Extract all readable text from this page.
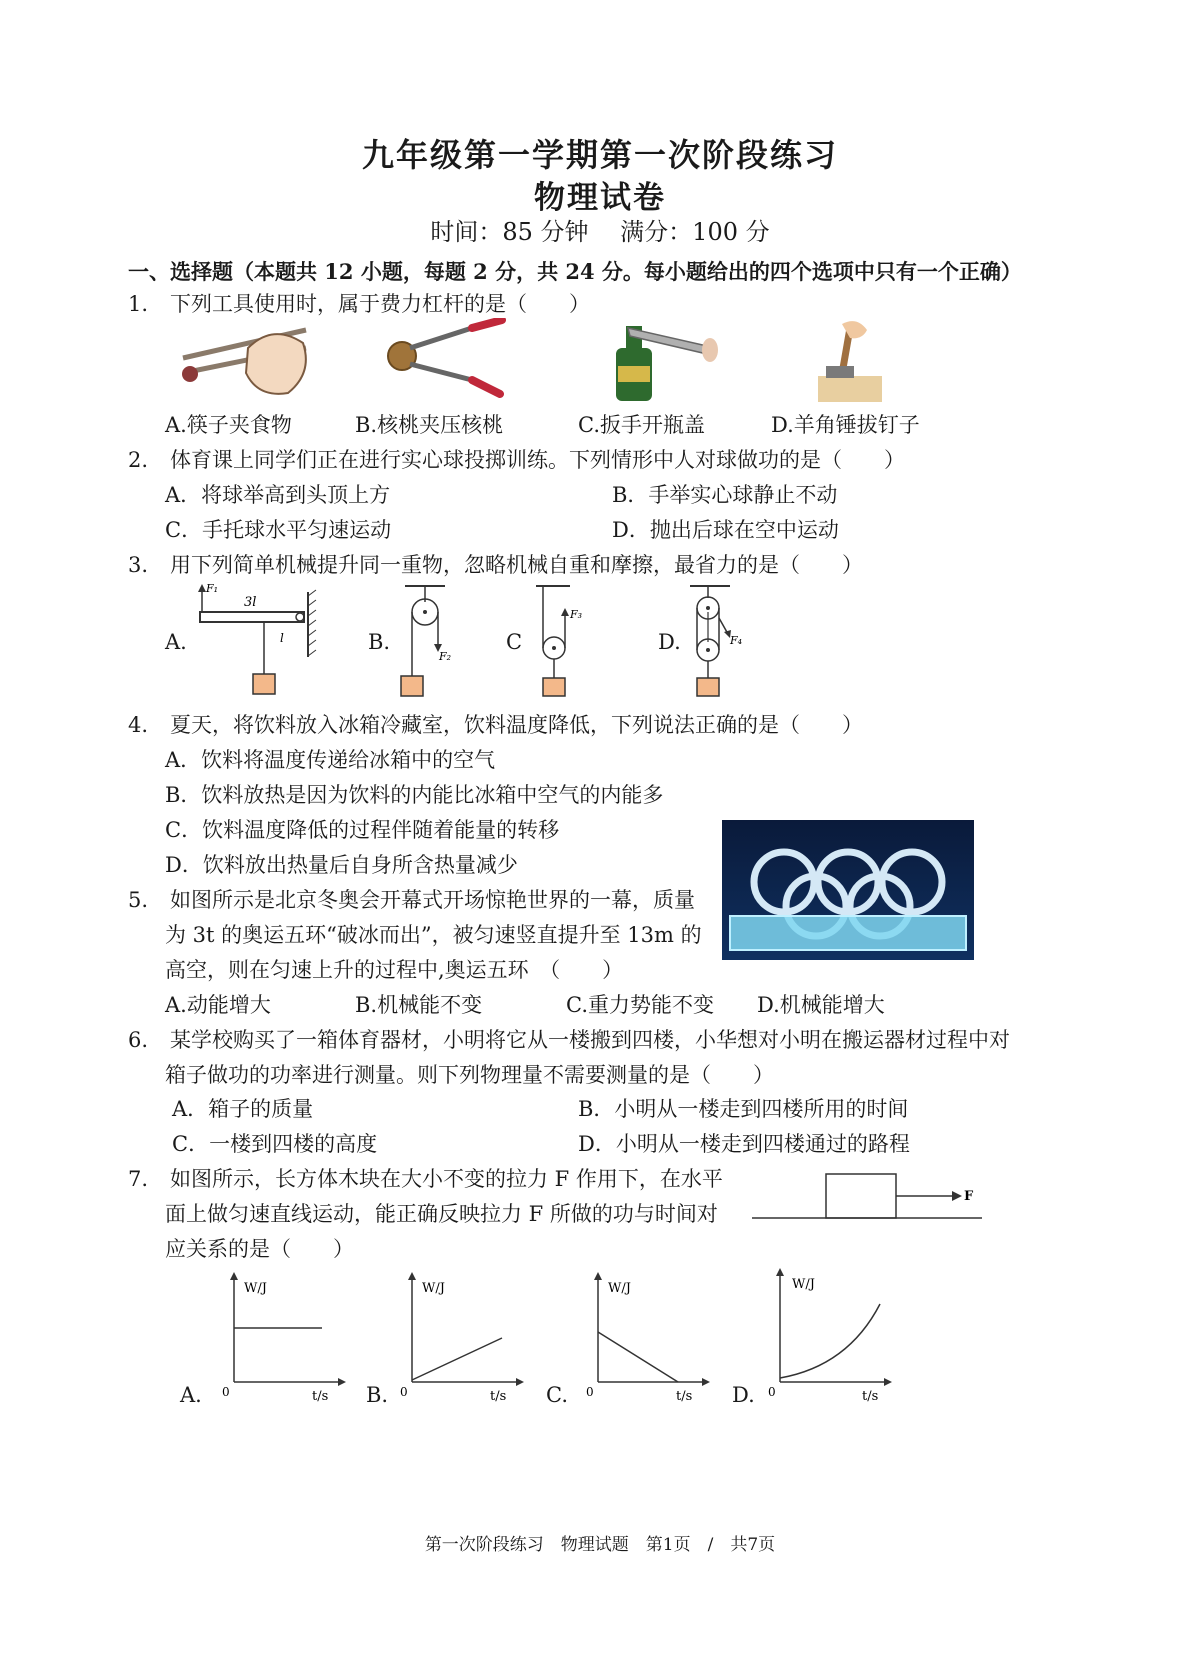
九年级第一学期第一次阶段练习
物理试卷
时间：85 分钟　 满分：100 分
一、选择题（本题共 12 小题，每题 2 分，共 24 分。每小题给出的四个选项中只有一个正确）
1. 下列工具使用时，属于费力杠杆的是（　　）
A.筷子夹食物	B.核桃夹压核桃	C.扳手开瓶盖	D.羊角锤拔钉子
2. 体育课上同学们正在进行实心球投掷训练。下列情形中人对球做功的是（　　）
A．将球举高到头顶上方	B．手举实心球静止不动
C．手托球水平匀速运动	D．抛出后球在空中运动
3. 用下列简单机械提升同一重物，忽略机械自重和摩擦，最省力的是（　　）
A.
F₁
3l
l	B.
F₂
C
F₃
D.	F₄
4. 夏天，将饮料放入冰箱冷藏室，饮料温度降低，下列说法正确的是（　　）
A．饮料将温度传递给冰箱中的空气
B．饮料放热是因为饮料的内能比冰箱中空气的内能多
C．饮料温度降低的过程伴随着能量的转移
D．饮料放出热量后自身所含热量减少
5. 如图所示是北京冬奥会开幕式开场惊艳世界的一幕，质量
为 3t 的奥运五环“破冰而出”，被匀速竖直提升至 13m 的
高空，则在匀速上升的过程中,奥运五环　（　　）
A.动能增大	B.机械能不变	C.重力势能不变 D.机械能增大
6. 某学校购买了一箱体育器材，小明将它从一楼搬到四楼，小华想对小明在搬运器材过程中对
箱子做功的功率进行测量。则下列物理量不需要测量的是（　　）
A．箱子的质量	B．小明从一楼走到四楼所用的时间
C．一楼到四楼的高度	D．小明从一楼走到四楼通过的路程
7. 如图所示，长方体木块在大小不变的拉力 F 作用下，在水平
面上做匀速直线运动，能正确反映拉力 F 所做的功与时间对
应关系的是（　　）
F
A.
W/J
t/s
0	B.
W/J
t/s
0	C.
W/J
t/s
0	D.
W/J
t/s
0
第一次阶段练习　物理试题　第1页　/　共7页
